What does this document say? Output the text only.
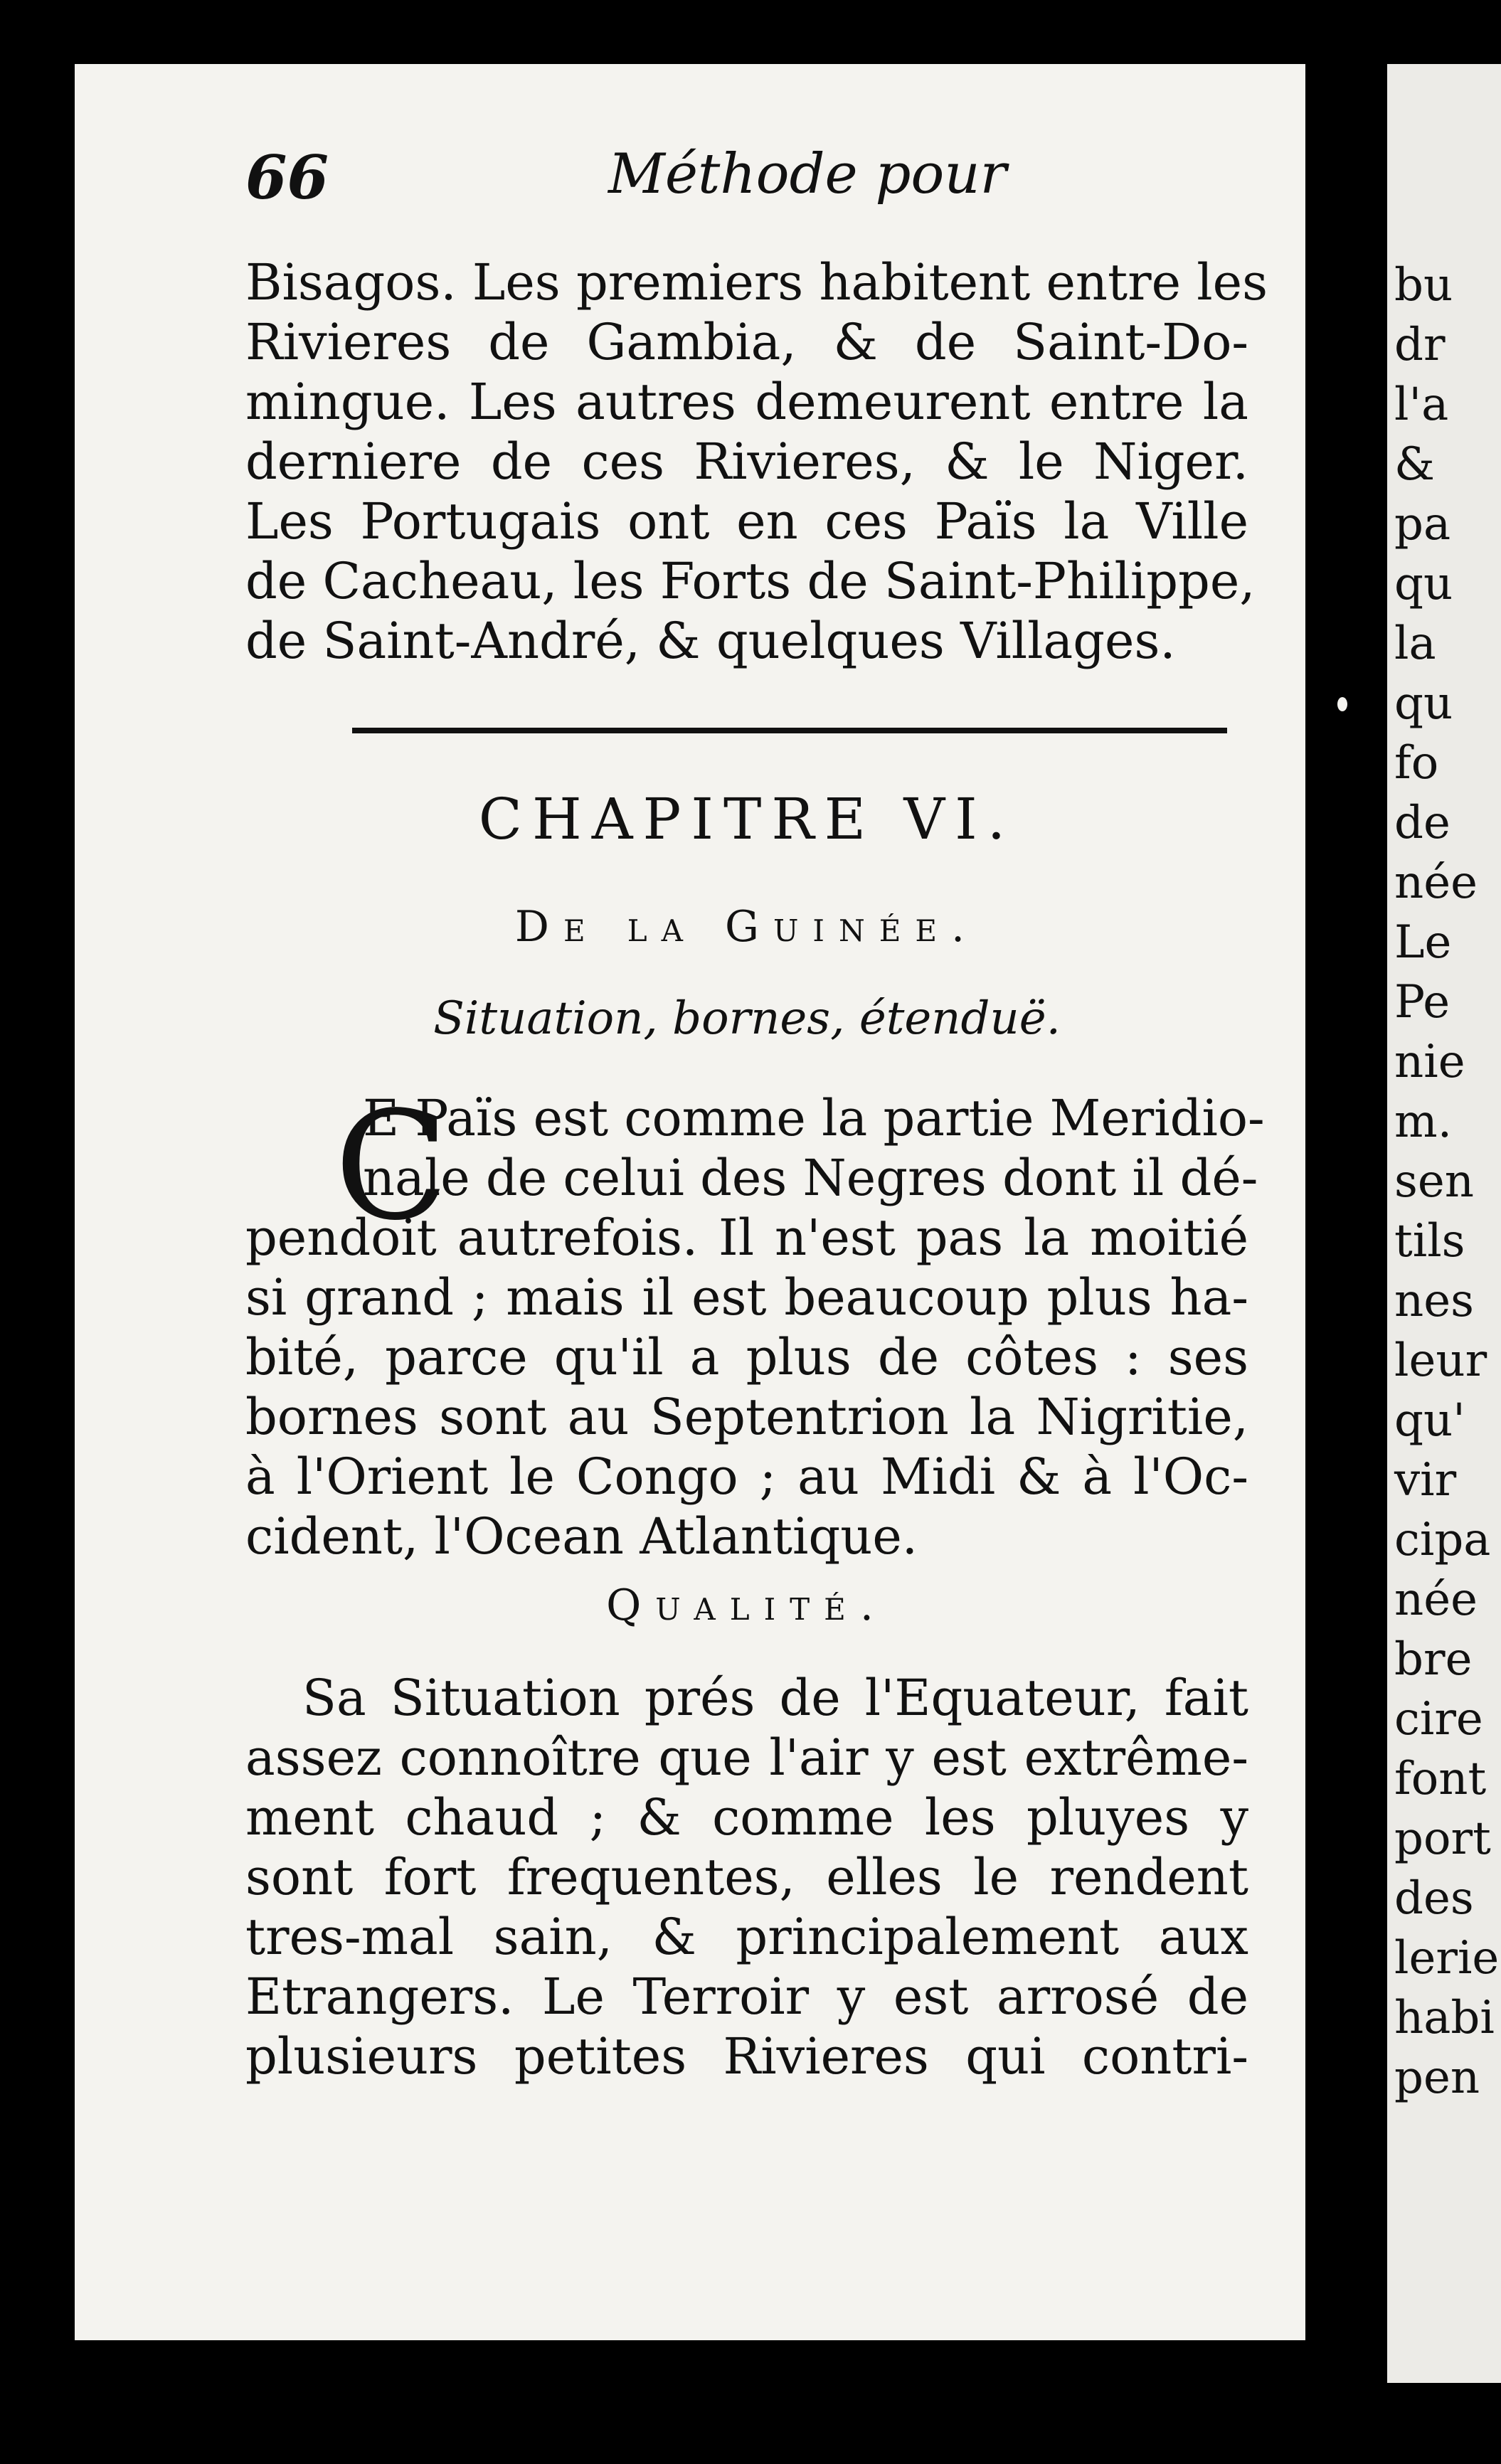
bu
dr
l'a
&
pa
qu
la
qu
fo
de
née
Le
Pe
nie
m.
sen
tils
nes
leur
qu'
vir
cipa
née
bre
cire
font
port
des
lerie
habi
pen
66	Méthode pour
Bisagos. Les premiers habitent entre les
Rivieres de Gambia, & de Saint-Do-
mingue. Les autres demeurent entre la
derniere de ces Rivieres, & le Niger.
Les Portugais ont en ces Païs la Ville
de Cacheau, les Forts de Saint-Philippe,
de Saint-André, & quelques Villages.
CHAPITRE VI.
De la Guinée.
Situation, bornes, étenduë.
C
E Païs est comme la partie Meridio-
nale de celui des Negres dont il dé-
pendoit autrefois. Il n'est pas la moitié
si grand ; mais il est beaucoup plus ha-
bité, parce qu'il a plus de côtes : ses
bornes sont au Septentrion la Nigritie,
à l'Orient le Congo ; au Midi & à l'Oc-
cident, l'Ocean Atlantique.
Qualité.
Sa Situation prés de l'Equateur, fait
assez connoître que l'air y est extrême-
ment chaud ; & comme les pluyes y
sont fort frequentes, elles le rendent
tres-mal sain, & principalement aux
Etrangers. Le Terroir y est arrosé de
plusieurs petites Rivieres qui contri-
